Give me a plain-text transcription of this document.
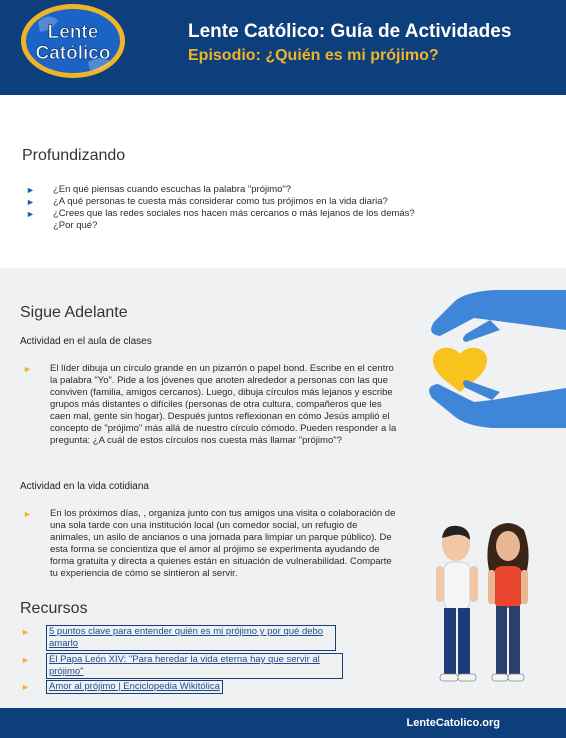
Lente
Católico
Lente Católico: Guía de Actividades
Episodio: ¿Quién es mi prójimo?
Profundizando
► ¿En qué piensas cuando escuchas la palabra "prójimo"?
► ¿A qué personas te cuesta más considerar como tus prójimos en la vida diaria?
► ¿Crees que las redes sociales nos hacen más cercanos o más lejanos de los demás? ¿Por qué?
Sigue Adelante
Actividad en el aula de clases
► El líder dibuja un círculo grande en un pizarrón o papel bond. Escribe en el centro la palabra "Yo". Pide a los jóvenes que anoten alrededor a personas con las que conviven (familia, amigos cercanos). Luego, dibuja círculos más lejanos y escribe grupos más distantes o difíciles (personas de otra cultura, compañeros que les caen mal, gente sin hogar). Después juntos reflexionan en cómo Jesús amplió el concepto de "prójimo" más allá de nuestro círculo cómodo. Pueden responder a la pregunta: ¿A cuál de estos círculos nos cuesta más llamar "prójimo"?
Actividad en la vida cotidiana
► En los próximos días, , organiza junto con tus amigos una visita o colaboración de una sola tarde con una institución local (un comedor social, un refugio de animales, un asilo de ancianos o una jornada para limpiar un parque público). De esta forma se concientiza que el amor al prójimo se experimenta ayudando de forma gratuita y directa a quienes están en situación de vulnerabilidad. Comparte tu experiencia de cómo se sintieron al servir.
Recursos
►	5 puntos clave para entender quién es mi prójimo y por qué debo amarlo
►	El Papa León XIV: "Para heredar la vida eterna hay que servir al prójimo"
►	Amor al prójimo | Enciclopedia Wikitólica
LenteCatolico.org
